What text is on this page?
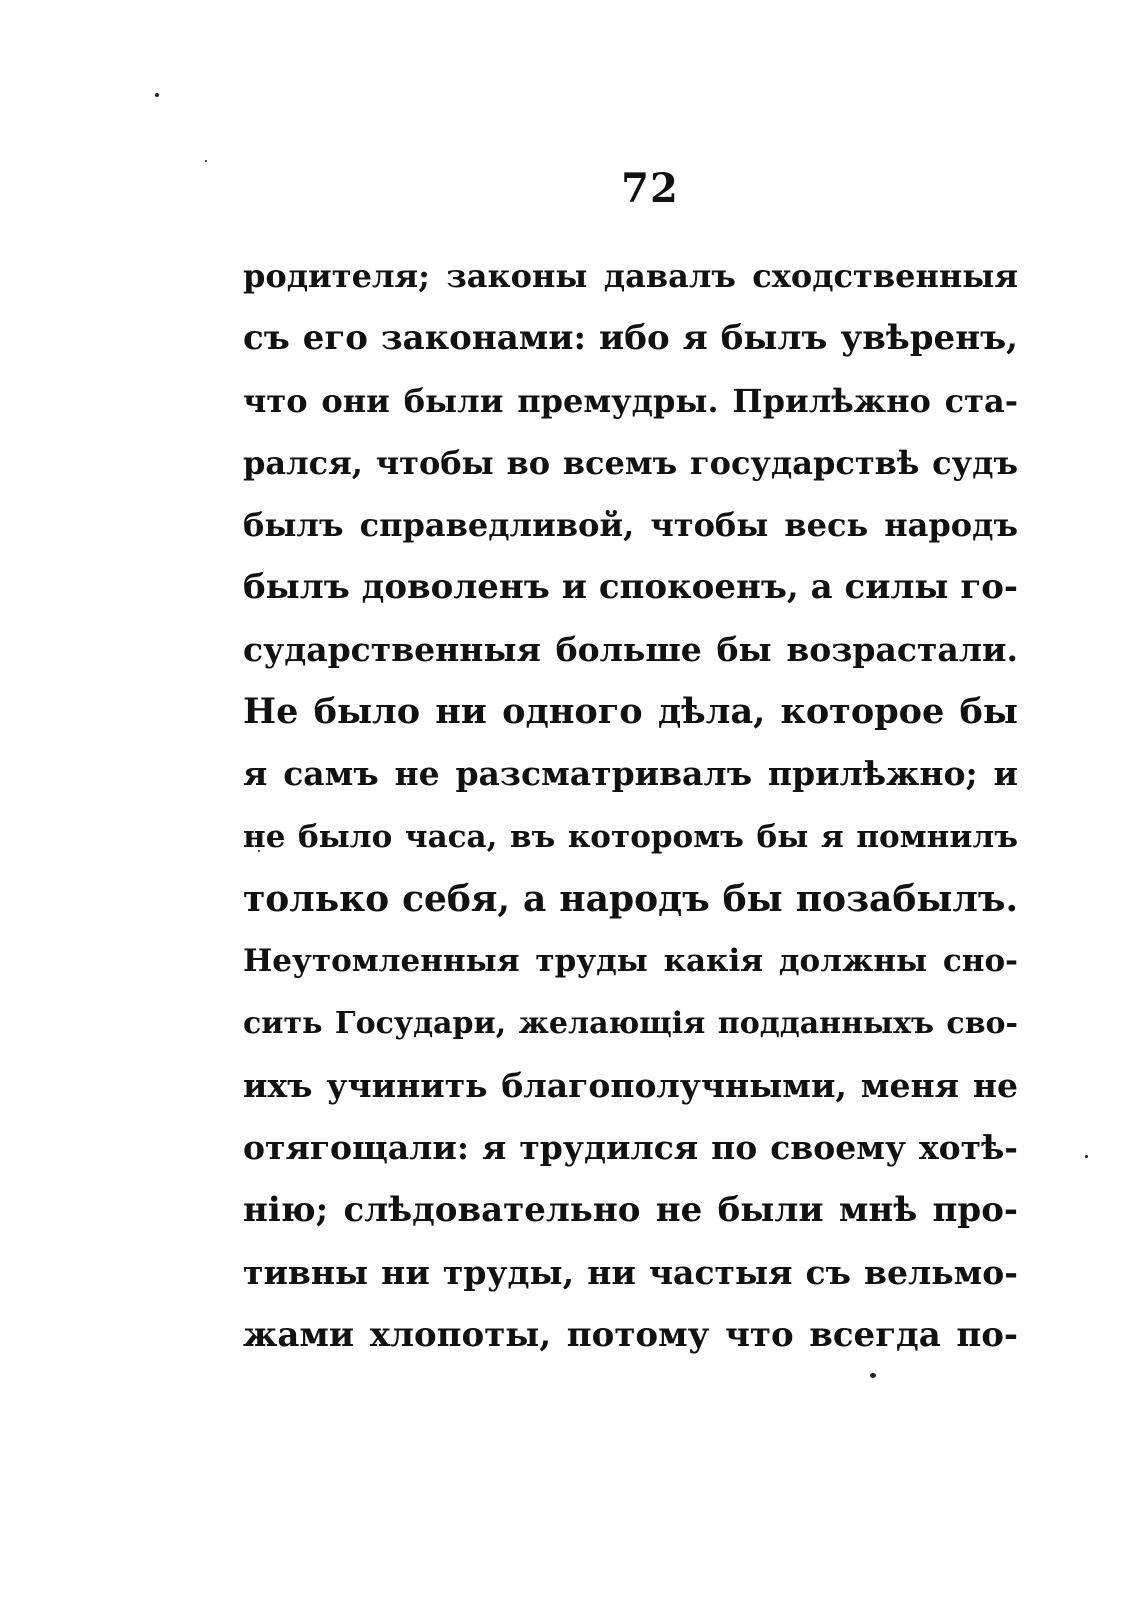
72
родителя; законы давалъ сходственныя
съ его законами: ибо я былъ увѣренъ,
что они были премудры. Прилѣжно ста-
рался, чтобы во всемъ государствѣ судъ
былъ справедливой, чтобы весь народъ
былъ доволенъ и спокоенъ, а силы го-
сударственныя больше бы возрастали.
Не было ни одного дѣла, которое бы
я самъ не разсматривалъ прилѣжно; и
не было часа, въ которомъ бы я помнилъ
только себя, а народъ бы позабылъ.
Неутомленныя труды какія должны сно-
сить Государи, желающія подданныхъ сво-
ихъ учинить благополучными, меня не
отягощали: я трудился по своему хотѣ-
нію; слѣдовательно не были мнѣ про-
тивны ни труды, ни частыя съ вельмо-
жами хлопоты, потому что всегда по-
